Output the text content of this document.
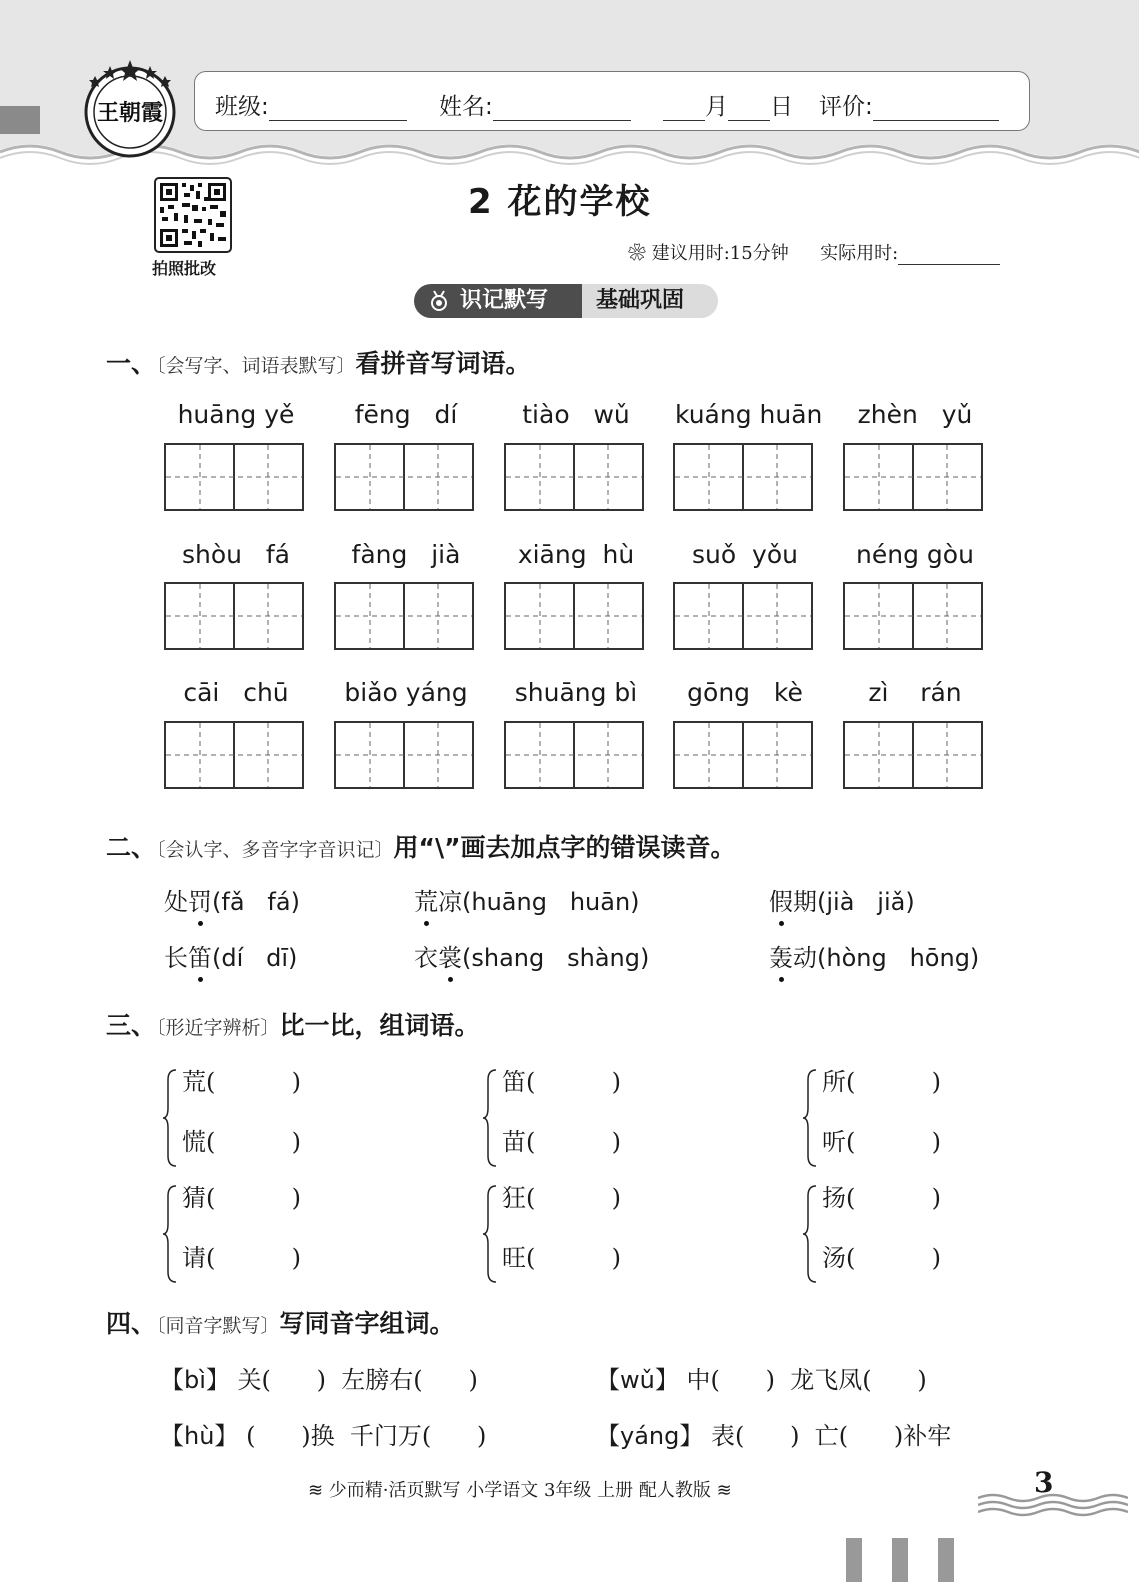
王朝霞 班级:	姓名:	月 日 评价:
拍照批改
2 花的学校
❀ 建议用时:15分钟 实际用时:
基础巩固
识记默写
一、〔会写字、词语表默写〕看拼音写词语。
huāng yě	fēng   dí	tiào   wǔ	kuáng huān	zhèn   yǔ
shòu   fá	fàng   jià	xiāng  hù	suǒ  yǒu	néng gòu
cāi   chū	biǎo yáng	shuāng bì	gōng   kè	zì    rán
二、〔会认字、多音字字音识记〕用“\”画去加点字的错误读音。
处罚(fǎ   fá)	荒凉(huāng   huān)	假期(jià   jiǎ)
长笛(dí   dī)	衣裳(shang   shàng)	轰动(hòng   hōng)
三、〔形近字辨析〕比一比，组词语。
荒(          )
慌(          )
笛(          )
苗(          )
所(          )
听(          )
猜(          )
请(          )
狂(          )
旺(          )
扬(          )
汤(          )
四、〔同音字默写〕写同音字组词。
【bì】 关(      )  左膀右(      )	【wǔ】 中(      )  龙飞凤(      )
【hù】 (      )换  千门万(      )	【yáng】 表(      )  亡(      )补牢
≋ 少而精·活页默写 小学语文 3年级 上册 配人教版 ≋	3
